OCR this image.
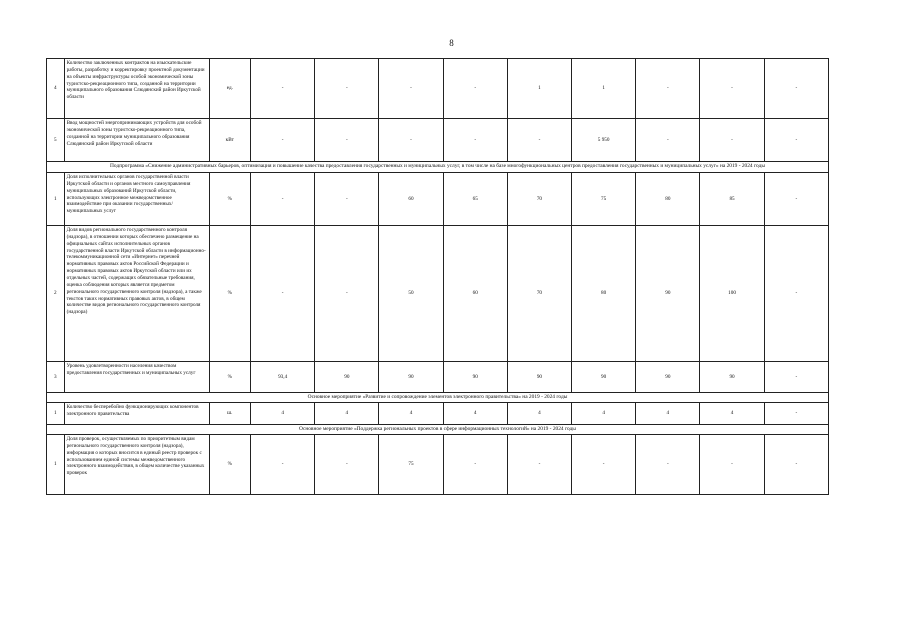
8
4	Количество заключенных контрактов на изыскательские работы, разработку и корректировку проектной документации на объекты инфраструктуры особой экономической зоны туристско-рекреационного типа, созданной на территории муниципального образования Слюдянский район Иркутской области	ед.	-	-	-	-	1	1	-	-	-
5	Ввод мощностей энергопринимающих устройств для особой экономической зоны туристско-рекреационного типа, созданной на территории муниципального образования Слюдянский район Иркутской области	кВт	-	-	-	-	-	5 950	-	-	-
Подпрограмма «Снижение административных барьеров, оптимизация и повышение качества предоставления государственных и муниципальных услуг, в том числе на базе многофункциональных центров предоставления государственных и муниципальных услуг» на 2019 - 2024 годы											
1	Доля исполнительных органов государственной власти Иркутской области и органов местного самоуправления муниципальных образований Иркутской области, использующих электронное межведомственное взаимодействие при оказании государственных/муниципальных услуг	%	-	-	60	65	70	75	80	85	-
2	Доля видов регионального государственного контроля (надзора), в отношении которых обеспечено размещение на официальных сайтах исполнительных органов государственной власти Иркутской области в информационно-телекоммуникационной сети «Интернет» перечней нормативных правовых актов Российской Федерации и нормативных правовых актов Иркутской области или их отдельных частей, содержащих обязательные требования, оценка соблюдения которых является предметом регионального государственного контроля (надзора), а также текстов таких нормативных правовых актов, в общем количестве видов регионального государственного контроля (надзора)	%	-	-	50	60	70	80	90	100	-
3	Уровень удовлетворенности населения качеством предоставления государственных и муниципальных услуг	%	93,4	90	90	90	90	90	90	90	-
Основное мероприятие «Развитие и сопровождение элементов электронного правительства» на 2019 - 2024 годы											
1	Количество бесперебойно функционирующих компонентов электронного правительства	ш.	4	4	4	4	4	4	4	4	-
Основное мероприятие «Поддержка региональных проектов в сфере информационных технологий» на 2019 - 2024 годы											
1	Доля проверок, осуществляемых по приоритетным видам регионального государственного контроля (надзора), информация о которых вносится в единый реестр проверок с использованием единой системы межведомственного электронного взаимодействия, в общем количестве указанных проверок	%	-	-	75	-	-	-	-	-	-
